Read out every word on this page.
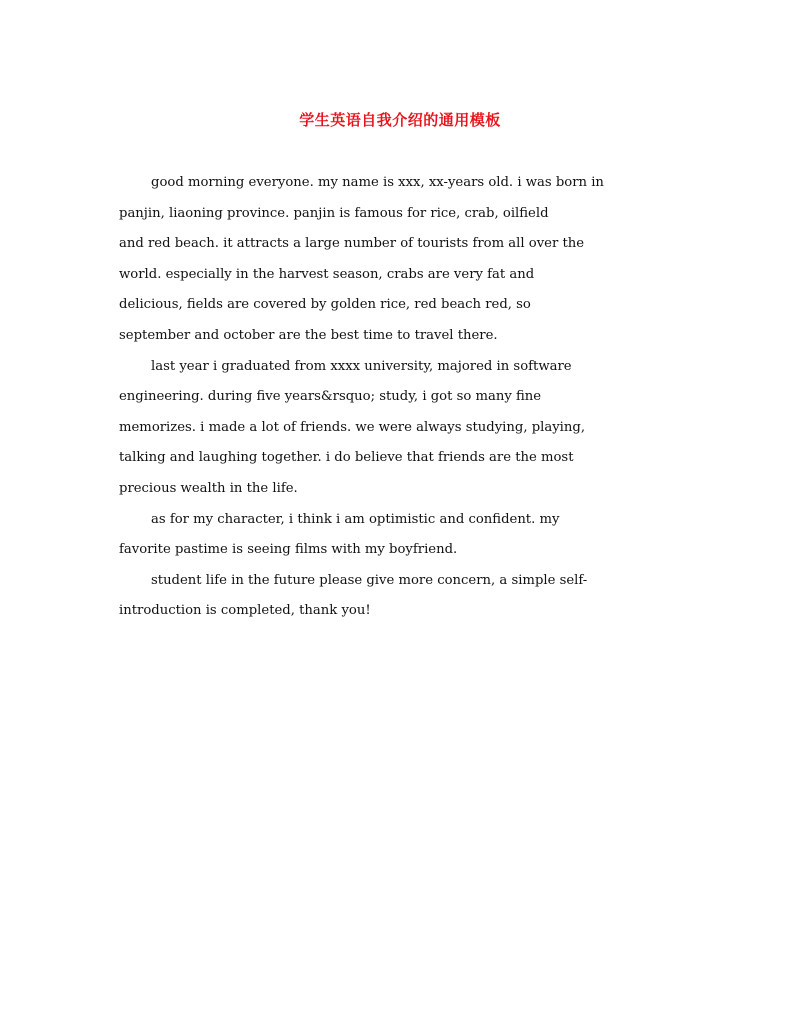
学生英语自我介绍的通用模板

good morning everyone. my name is xxx, xx-years old. i was born in
panjin, liaoning province. panjin is famous for rice, crab, oilfield
and red beach. it attracts a large number of tourists from all over the
world. especially in the harvest season, crabs are very fat and
delicious, fields are covered by golden rice, red beach red, so
september and october are the best time to travel there.

last year i graduated from xxxx university, majored in software
engineering. during five years&rsquo; study, i got so many fine
memorizes. i made a lot of friends. we were always studying, playing,
talking and laughing together. i do believe that friends are the most
precious wealth in the life.

as for my character, i think i am optimistic and confident. my
favorite pastime is seeing films with my boyfriend.

student life in the future please give more concern, a simple self-
introduction is completed, thank you!
